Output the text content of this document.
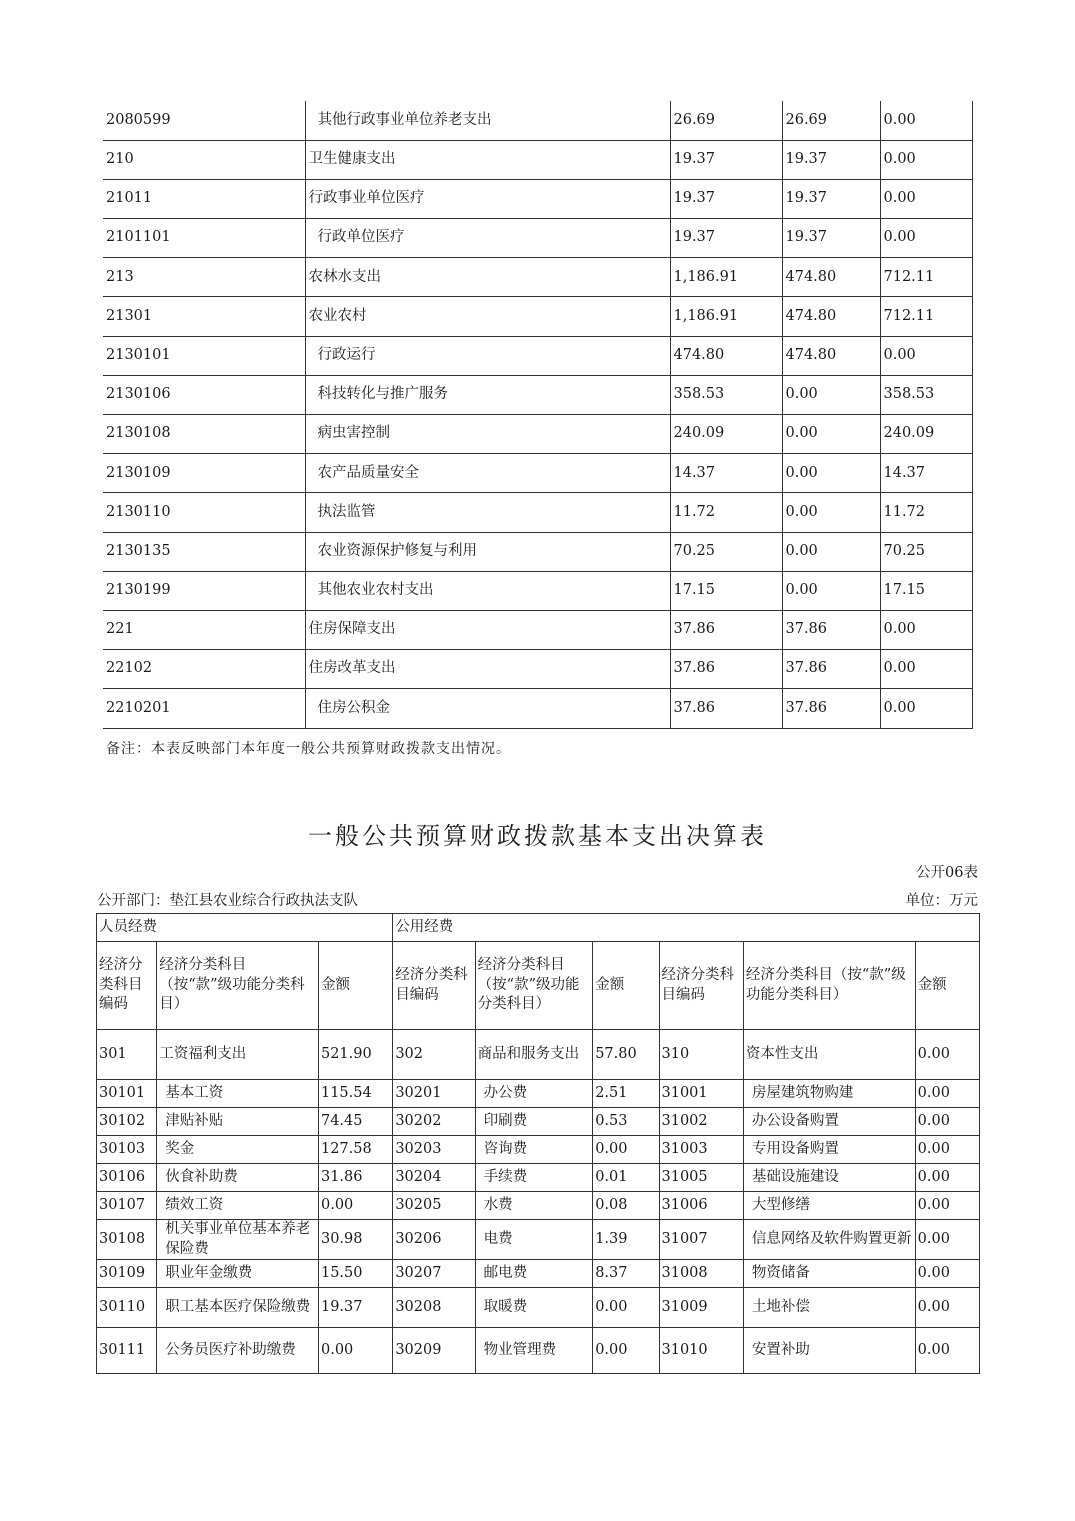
2080599	其他行政事业单位养老支出	26.69	26.69	0.00
210	卫生健康支出	19.37	19.37	0.00
21011	行政事业单位医疗	19.37	19.37	0.00
2101101	行政单位医疗	19.37	19.37	0.00
213	农林水支出	1,186.91	474.80	712.11
21301	农业农村	1,186.91	474.80	712.11
2130101	行政运行	474.80	474.80	0.00
2130106	科技转化与推广服务	358.53	0.00	358.53
2130108	病虫害控制	240.09	0.00	240.09
2130109	农产品质量安全	14.37	0.00	14.37
2130110	执法监管	11.72	0.00	11.72
2130135	农业资源保护修复与利用	70.25	0.00	70.25
2130199	其他农业农村支出	17.15	0.00	17.15
221	住房保障支出	37.86	37.86	0.00
22102	住房改革支出	37.86	37.86	0.00
2210201	住房公积金	37.86	37.86	0.00
备注：本表反映部门本年度一般公共预算财政拨款支出情况。
一般公共预算财政拨款基本支出决算表
公开06表
公开部门：垫江县农业综合行政执法支队	单位：万元
人员经费			公用经费					
经济分类科目编码	经济分类科目（按“款”级功能分类科目）	金额	经济分类科目编码	经济分类科目（按“款”级功能分类科目）	金额	经济分类科目编码	经济分类科目（按“款”级功能分类科目）	金额
301	工资福利支出	521.90	302	商品和服务支出	57.80	310	资本性支出	0.00
30101	基本工资	115.54	30201	办公费	2.51	31001	房屋建筑物购建	0.00
30102	津贴补贴	74.45	30202	印刷费	0.53	31002	办公设备购置	0.00
30103	奖金	127.58	30203	咨询费	0.00	31003	专用设备购置	0.00
30106	伙食补助费	31.86	30204	手续费	0.01	31005	基础设施建设	0.00
30107	绩效工资	0.00	30205	水费	0.08	31006	大型修缮	0.00
30108	机关事业单位基本养老保险费	30.98	30206	电费	1.39	31007	信息网络及软件购置更新	0.00
30109	职业年金缴费	15.50	30207	邮电费	8.37	31008	物资储备	0.00
30110	职工基本医疗保险缴费	19.37	30208	取暖费	0.00	31009	土地补偿	0.00
30111	公务员医疗补助缴费	0.00	30209	物业管理费	0.00	31010	安置补助	0.00
